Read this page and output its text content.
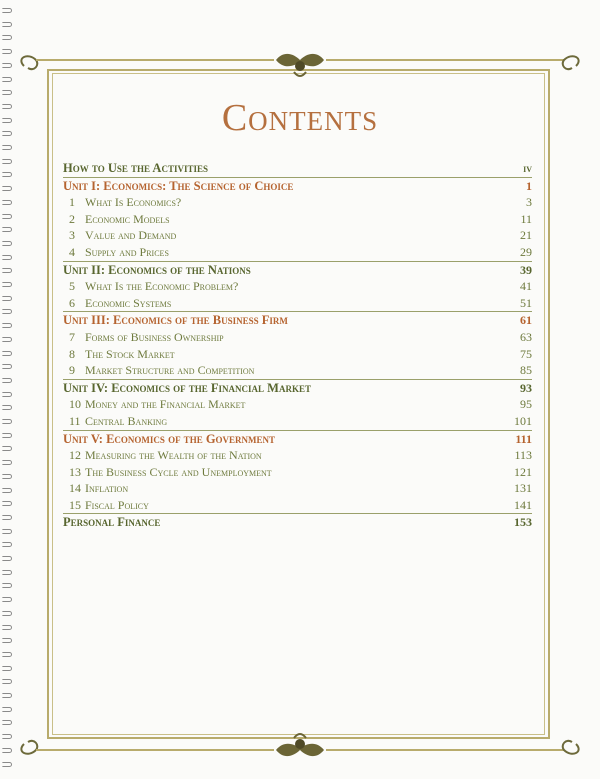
Contents
How to Use the Activities	iv
Unit I: Economics: The Science of Choice	1
1 What Is Economics?	3
2 Economic Models	11
3 Value and Demand	21
4 Supply and Prices	29
Unit II: Economics of the Nations	39
5 What Is the Economic Problem?	41
6 Economic Systems	51
Unit III: Economics of the Business Firm	61
7 Forms of Business Ownership	63
8 The Stock Market	75
9 Market Structure and Competition	85
Unit IV: Economics of the Financial Market	93
10 Money and the Financial Market	95
11 Central Banking	101
Unit V: Economics of the Government	111
12 Measuring the Wealth of the Nation	113
13 The Business Cycle and Unemployment	121
14 Inflation	131
15 Fiscal Policy	141
Personal Finance	153
